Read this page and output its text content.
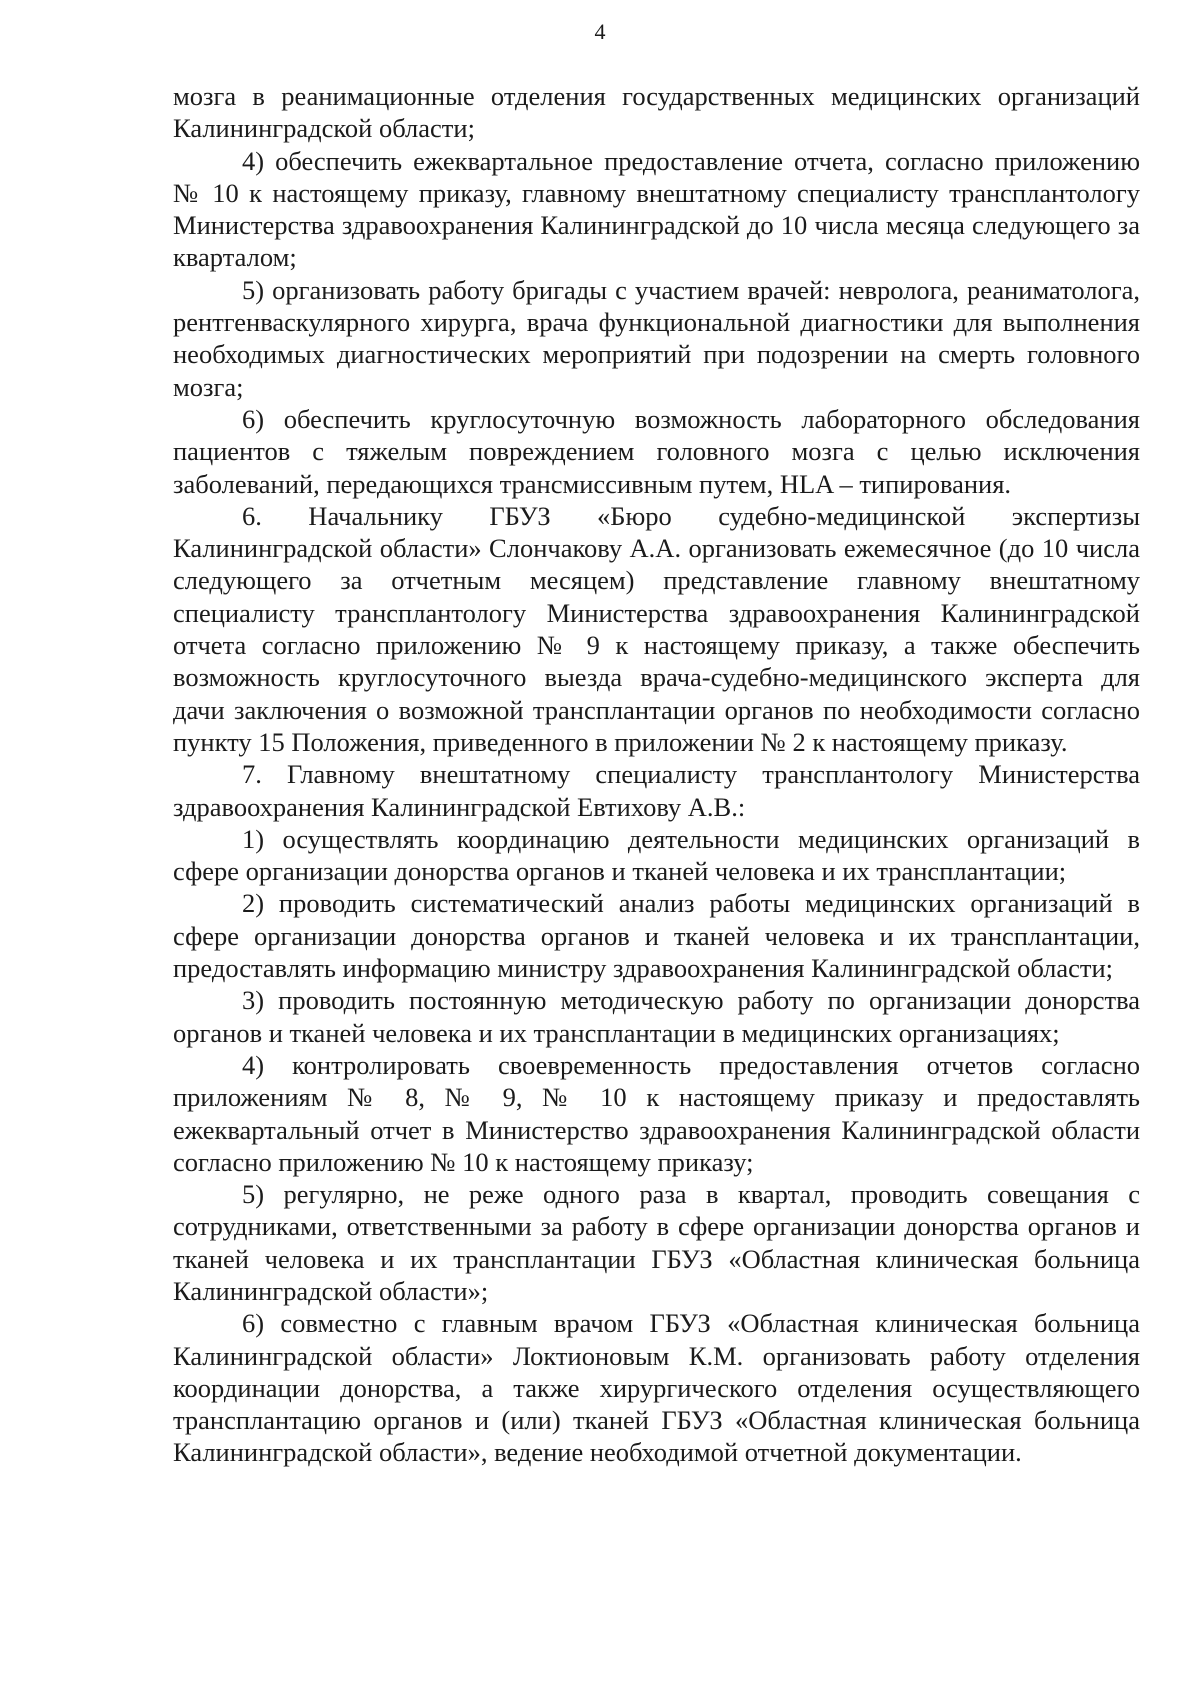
4

мозга в реанимационные отделения государственных медицинских организаций Калининградской области;

4) обеспечить ежеквартальное предоставление отчета, согласно приложению № 10 к настоящему приказу, главному внештатному специалисту трансплантологу Министерства здравоохранения Калининградской до 10 числа месяца следующего за кварталом;

5) организовать работу бригады с участием врачей: невролога, реаниматолога, рентгенваскулярного хирурга, врача функциональной диагностики для выполнения необходимых диагностических мероприятий при подозрении на смерть головного мозга;

6) обеспечить круглосуточную возможность лабораторного обследования пациентов с тяжелым повреждением головного мозга с целью исключения заболеваний, передающихся трансмиссивным путем, HLA – типирования.

6. Начальнику ГБУЗ «Бюро судебно-медицинской экспертизы Калининградской области» Слончакову А.А. организовать ежемесячное (до 10 числа следующего за отчетным месяцем) представление главному внештатному специалисту трансплантологу Министерства здравоохранения Калининградской отчета согласно приложению № 9 к настоящему приказу, а также обеспечить возможность круглосуточного выезда врача-судебно-медицинского эксперта для дачи заключения о возможной трансплантации органов по необходимости согласно пункту 15 Положения, приведенного в приложении № 2 к настоящему приказу.

7. Главному внештатному специалисту трансплантологу Министерства здравоохранения Калининградской Евтихову А.В.:

1) осуществлять координацию деятельности медицинских организаций в сфере организации донорства органов и тканей человека и их трансплантации;

2) проводить систематический анализ работы медицинских организаций в сфере организации донорства органов и тканей человека и их трансплантации, предоставлять информацию министру здравоохранения Калининградской области;

3) проводить постоянную методическую работу по организации донорства органов и тканей человека и их трансплантации в медицинских организациях;

4) контролировать своевременность предоставления отчетов согласно приложениям № 8, № 9, № 10 к настоящему приказу и предоставлять ежеквартальный отчет в Министерство здравоохранения Калининградской области согласно приложению № 10 к настоящему приказу;

5) регулярно, не реже одного раза в квартал, проводить совещания с сотрудниками, ответственными за работу в сфере организации донорства органов и тканей человека и их трансплантации ГБУЗ «Областная клиническая больница Калининградской области»;

6) совместно с главным врачом ГБУЗ «Областная клиническая больница Калининградской области» Локтионовым К.М. организовать работу отделения координации донорства, а также хирургического отделения осуществляющего трансплантацию органов и (или) тканей ГБУЗ «Областная клиническая больница Калининградской области», ведение необходимой отчетной документации.
